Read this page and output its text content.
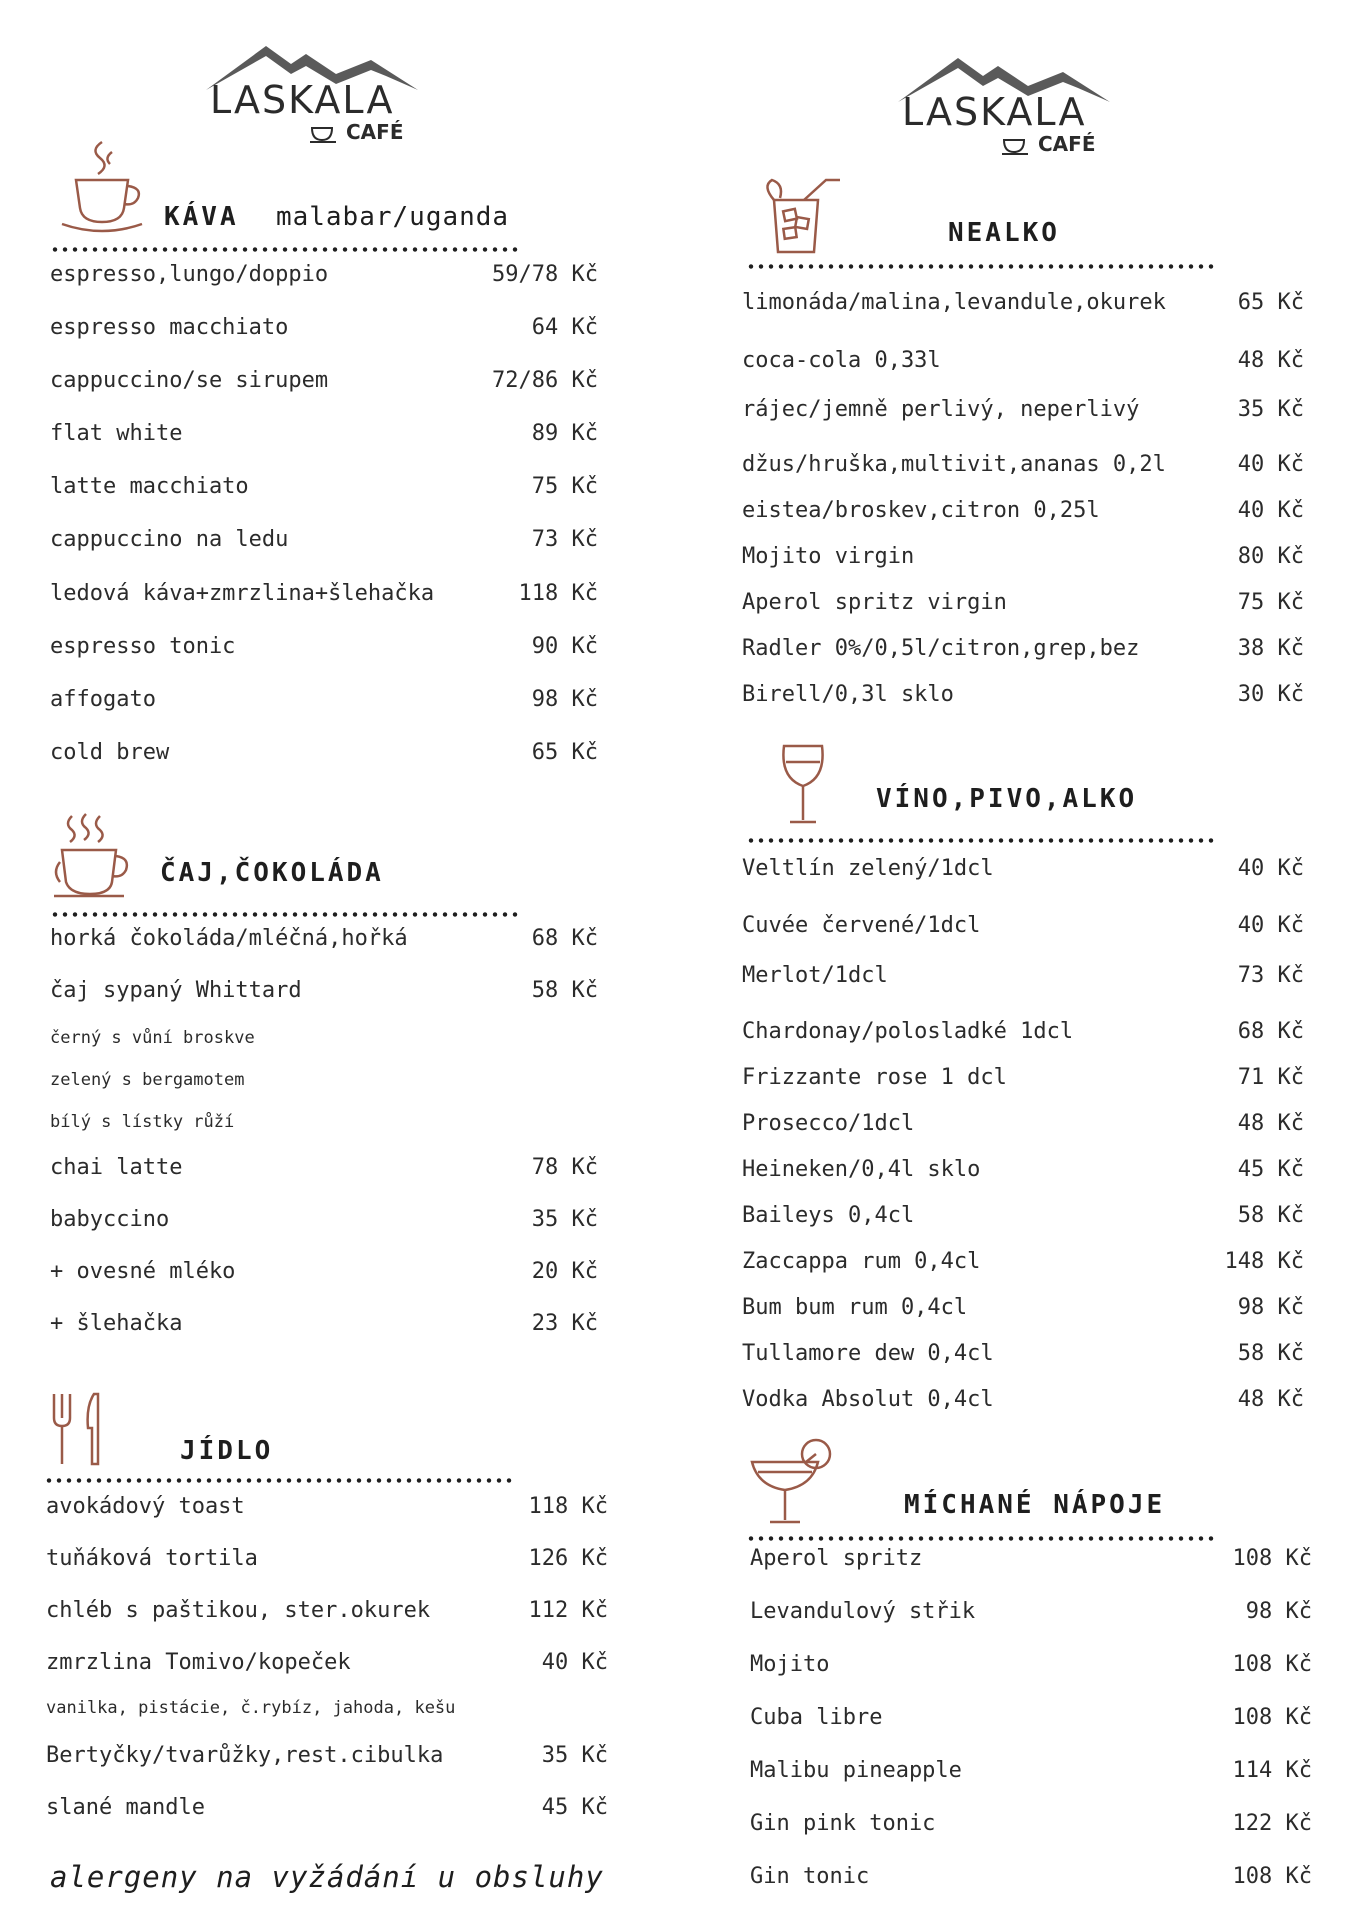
LASKALA
CAFÉ	LASKALA
CAFÉ
KÁVA malabar/uganda
ČAJ,ČOKOLÁDA
JÍDLO
NEALKO
VÍNO,PIVO,ALKO
MÍCHANÉ NÁPOJE
espresso,lungo/doppio	59/78 Kč
espresso macchiato	64 Kč
cappuccino/se sirupem	72/86 Kč
flat white	89 Kč
latte macchiato	75 Kč
cappuccino na ledu	73 Kč
ledová káva+zmrzlina+šlehačka	118 Kč
espresso tonic	90 Kč
affogato	98 Kč
cold brew	65 Kč
horká čokoláda/mléčná,hořká	68 Kč
čaj sypaný Whittard	58 Kč
černý s vůní broskve
zelený s bergamotem
bílý s lístky růží
chai latte	78 Kč
babyccino	35 Kč
+ ovesné mléko	20 Kč
+ šlehačka	23 Kč
avokádový toast	118 Kč
tuňáková tortila	126 Kč
chléb s paštikou, ster.okurek	112 Kč
zmrzlina Tomivo/kopeček	40 Kč
vanilka, pistácie, č.rybíz, jahoda, kešu
Bertyčky/tvarůžky,rest.cibulka	35 Kč
slané mandle	45 Kč
limonáda/malina,levandule,okurek	65 Kč
coca-cola 0,33l	48 Kč
rájec/jemně perlivý, neperlivý	35 Kč
džus/hruška,multivit,ananas 0,2l	40 Kč
eistea/broskev,citron 0,25l	40 Kč
Mojito virgin	80 Kč
Aperol spritz virgin	75 Kč
Radler 0%/0,5l/citron,grep,bez	38 Kč
Birell/0,3l sklo	30 Kč
Veltlín zelený/1dcl	40 Kč
Cuvée červené/1dcl	40 Kč
Merlot/1dcl	73 Kč
Chardonay/polosladké 1dcl	68 Kč
Frizzante rose 1 dcl	71 Kč
Prosecco/1dcl	48 Kč
Heineken/0,4l sklo	45 Kč
Baileys 0,4cl	58 Kč
Zaccappa rum 0,4cl	148 Kč
Bum bum rum 0,4cl	98 Kč
Tullamore dew 0,4cl	58 Kč
Vodka Absolut 0,4cl	48 Kč
Aperol spritz	108 Kč
Levandulový střik	98 Kč
Mojito	108 Kč
Cuba libre	108 Kč
Malibu pineapple	114 Kč
Gin pink tonic	122 Kč
Gin tonic	108 Kč
alergeny na vyžádání u obsluhy
